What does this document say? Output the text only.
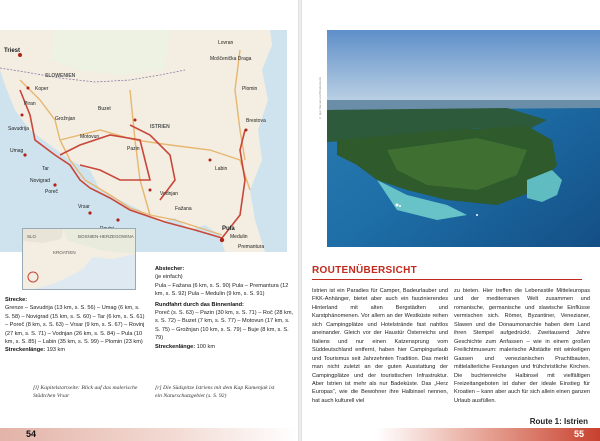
Triest
SLOWENIEN
Koper
Piran
Savudrija
Umag
Grožnjan
Buzet
Motovun
Tar
Novigrad
Poreč
Vrsar
Pazin
Labin
Lovran
Moščenička Draga
Plomin
Brestova
Vodnjan
Fažana
Pula
Medulin
Premantura
ISTRIEN
SLO	BOSNIEN-HERZEGOWINA
KROATIEN
Strecke:
Grenze – Savudrija (13 km, s. S. 56) – Umag (6 km, s. S. 58) – Novigrad (15 km, s. S. 60) – Tar (6 km, s. S. 61) – Poreč (8 km, s. S. 63) – Vrsar (9 km, s. S. 67) – Rovinj (27 km, s. S. 71) – Vodnjan (26 km, s. S. 84) – Pula (10 km, s. S. 85) – Labin (35 km, s. S. 99) – Plomin (23 km)
Streckenlänge: 193 km
Abstecher:
(je einfach)
Pula – Fažana (6 km, s. S. 90) Pula – Premantura (12 km, s. S. 92) Pula – Medulin (9 km, s. S. 91)
Rundfahrt durch das Binnenland:
Poreč (s. S. 63) – Pazin (30 km, s. S. 71) – Roč (28 km, s. S. 72) – Buzet (7 km, s. S. 77) – Motovun (17 km, s. S. 75) – Grožnjan (10 km, s. S. 79) – Buje (8 km, s. S. 79)
Streckenlänge: 100 km
[l] Kapitelstartseite: Blick auf das malerische Städtchen Vrsar
[r] Die Südspitze Istriens mit dem Kap Kamenjak ist ein Naturschutzgebiet (s. S. 92)
54
© Igor Stevanovic/Shutterstock
ROUTENÜBERSICHT
Istrien ist ein Paradies für Camper, Badeurlauber und FKK-Anhänger, bietet aber auch ein faszinierendes Hinterland mit alten Bergstädten und Karstphänomenen. Vor allem an der Westküste reihen sich Campingplätze und Hotelstrände fast nahtlos aneinander. Gleich vor der Haustür Österreichs und Italiens und nur einen Katzensprung vom Süddeutschland entfernt, haben hier Campingurlaub und Tourismus seit Jahrzehnten Tradition. Das merkt man nicht zuletzt an der guten Ausstattung der Campingplätze und der touristischen Infrastruktur. Aber Istrien ist mehr als nur Badeküste. Das „Herz Europas“, wie die Bewohner ihre Halbinsel nennen, hat auch kulturell viel
zu bieten. Hier treffen die Lebensstile Mitteleuropas und der mediterranen Welt zusammen und romanische, germanische und slawische Einflüsse vermischen sich. Römer, Byzantiner, Venezianer, Slawen und die Donaumonarchie haben dem Land ihren Stempel aufgedrückt. Zweitausend Jahre Geschichte zum Anfassen – wie in einem großen Freilichtmuseum: malerische Altstädte mit winkeligen Gassen und venezianischen Prachtbauten, mittelalterliche Festungen und frühchristliche Kirchen. Die buchtenreiche Halbinsel mit vielfältigen Freizeitangeboten ist daher der ideale Einstieg für Kroatien – kann aber auch für sich allein einen ganzen Urlaub ausfüllen.
Route 1: Istrien
55
